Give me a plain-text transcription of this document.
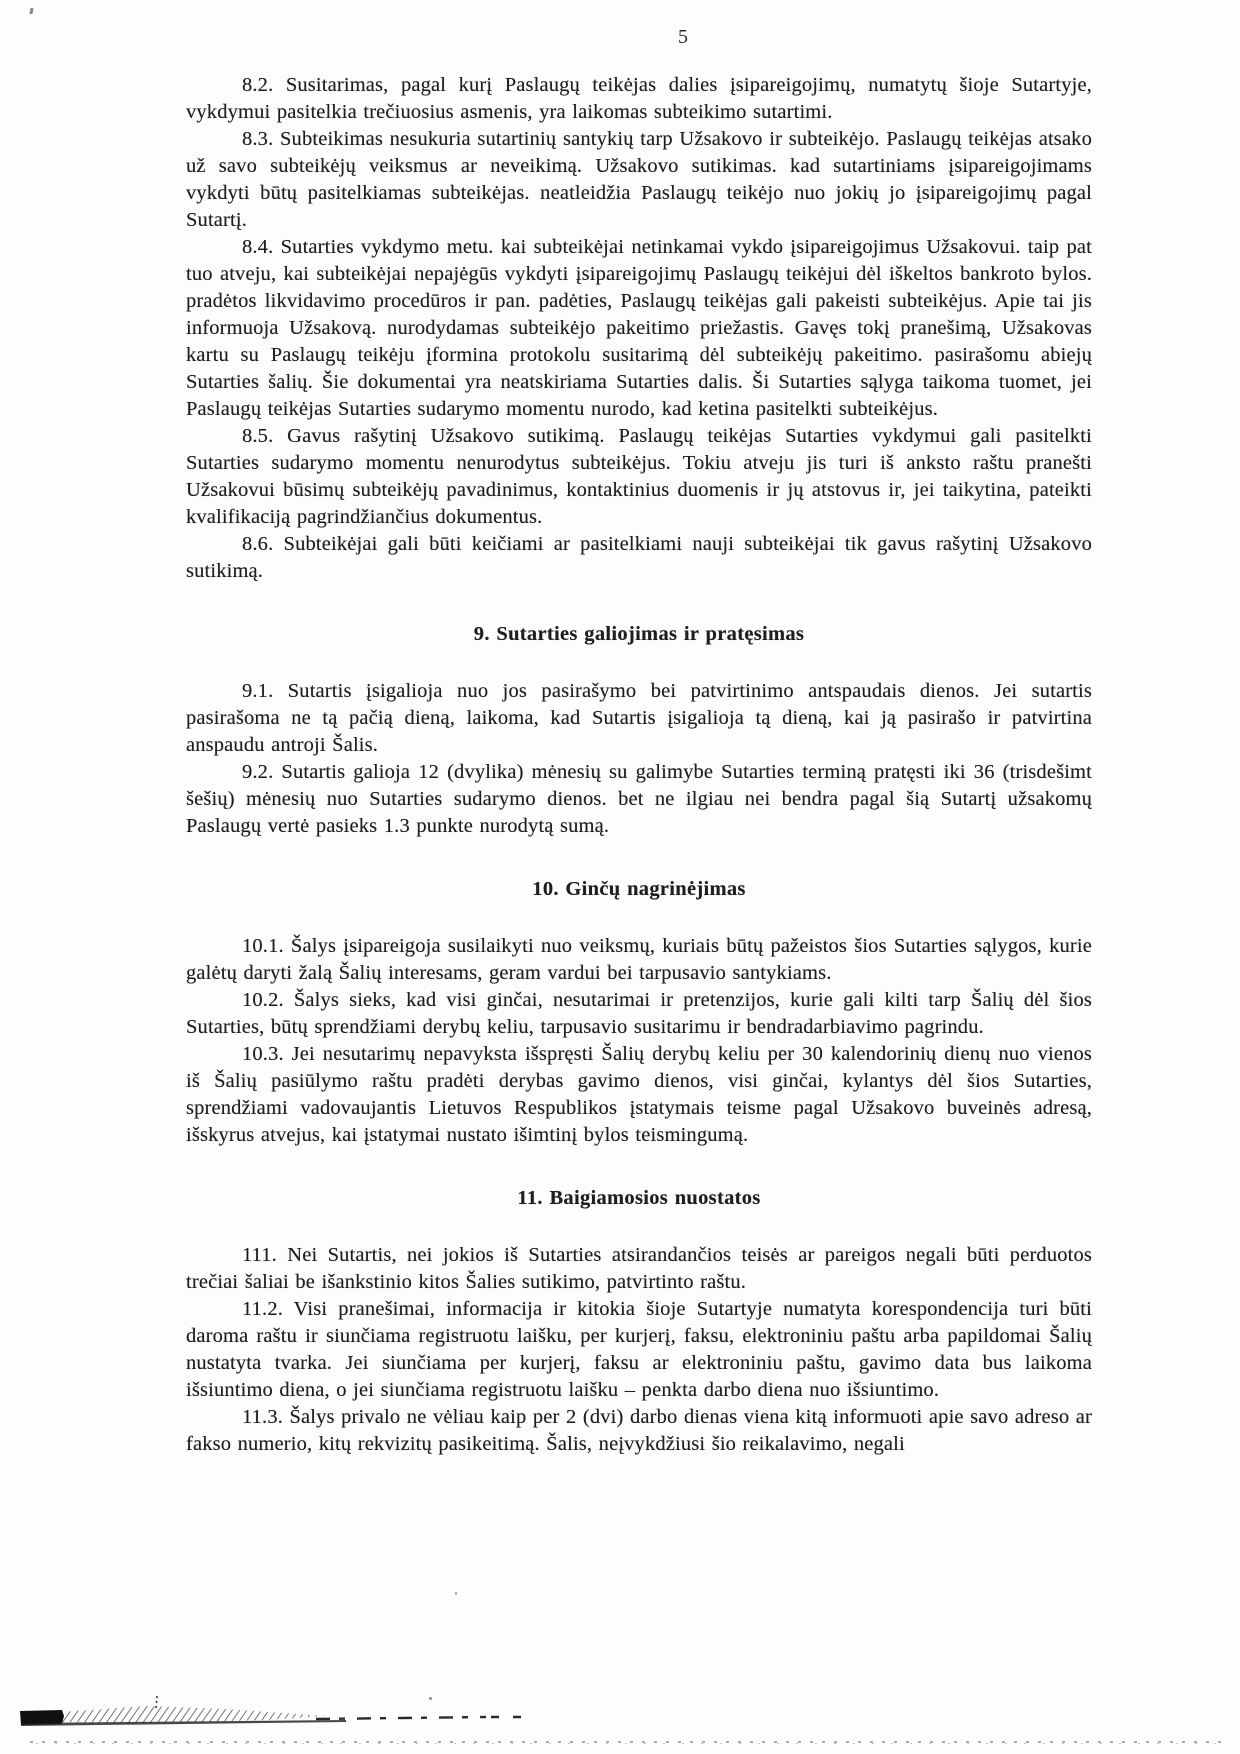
5

8.2. Susitarimas, pagal kurį Paslaugų teikėjas dalies įsipareigojimų, numatytų šioje Sutartyje, vykdymui pasitelkia trečiuosius asmenis, yra laikomas subteikimo sutartimi.

8.3. Subteikimas nesukuria sutartinių santykių tarp Užsakovo ir subteikėjo. Paslaugų teikėjas atsako už savo subteikėjų veiksmus ar neveikimą. Užsakovo sutikimas. kad sutartiniams įsipareigojimams vykdyti būtų pasitelkiamas subteikėjas. neatleidžia Paslaugų teikėjo nuo jokių jo įsipareigojimų pagal Sutartį.

8.4. Sutarties vykdymo metu. kai subteikėjai netinkamai vykdo įsipareigojimus Užsakovui. taip pat tuo atveju, kai subteikėjai nepajėgūs vykdyti įsipareigojimų Paslaugų teikėjui dėl iškeltos bankroto bylos. pradėtos likvidavimo procedūros ir pan. padėties, Paslaugų teikėjas gali pakeisti subteikėjus. Apie tai jis informuoja Užsakovą. nurodydamas subteikėjo pakeitimo priežastis. Gavęs tokį pranešimą, Užsakovas kartu su Paslaugų teikėju įformina protokolu susitarimą dėl subteikėjų pakeitimo. pasirašomu abiejų Sutarties šalių. Šie dokumentai yra neatskiriama Sutarties dalis. Ši Sutarties sąlyga taikoma tuomet, jei Paslaugų teikėjas Sutarties sudarymo momentu nurodo, kad ketina pasitelkti subteikėjus.

8.5. Gavus rašytinį Užsakovo sutikimą. Paslaugų teikėjas Sutarties vykdymui gali pasitelkti Sutarties sudarymo momentu nenurodytus subteikėjus. Tokiu atveju jis turi iš anksto raštu pranešti Užsakovui būsimų subteikėjų pavadinimus, kontaktinius duomenis ir jų atstovus ir, jei taikytina, pateikti kvalifikaciją pagrindžiančius dokumentus.

8.6. Subteikėjai gali būti keičiami ar pasitelkiami nauji subteikėjai tik gavus rašytinį Užsakovo sutikimą.

9. Sutarties galiojimas ir pratęsimas

9.1. Sutartis įsigalioja nuo jos pasirašymo bei patvirtinimo antspaudais dienos. Jei sutartis pasirašoma ne tą pačią dieną, laikoma, kad Sutartis įsigalioja tą dieną, kai ją pasirašo ir patvirtina anspaudu antroji Šalis.

9.2. Sutartis galioja 12 (dvylika) mėnesių su galimybe Sutarties terminą pratęsti iki 36 (trisdešimt šešių) mėnesių nuo Sutarties sudarymo dienos. bet ne ilgiau nei bendra pagal šią Sutartį užsakomų Paslaugų vertė pasieks 1.3 punkte nurodytą sumą.

10. Ginčų nagrinėjimas

10.1. Šalys įsipareigoja susilaikyti nuo veiksmų, kuriais būtų pažeistos šios Sutarties sąlygos, kurie galėtų daryti žalą Šalių interesams, geram vardui bei tarpusavio santykiams.

10.2. Šalys sieks, kad visi ginčai, nesutarimai ir pretenzijos, kurie gali kilti tarp Šalių dėl šios Sutarties, būtų sprendžiami derybų keliu, tarpusavio susitarimu ir bendradarbiavimo pagrindu.

10.3. Jei nesutarimų nepavyksta išspręsti Šalių derybų keliu per 30 kalendorinių dienų nuo vienos iš Šalių pasiūlymo raštu pradėti derybas gavimo dienos, visi ginčai, kylantys dėl šios Sutarties, sprendžiami vadovaujantis Lietuvos Respublikos įstatymais teisme pagal Užsakovo buveinės adresą, išskyrus atvejus, kai įstatymai nustato išimtinį bylos teismingumą.

11. Baigiamosios nuostatos

111. Nei Sutartis, nei jokios iš Sutarties atsirandančios teisės ar pareigos negali būti perduotos trečiai šaliai be išankstinio kitos Šalies sutikimo, patvirtinto raštu.

11.2. Visi pranešimai, informacija ir kitokia šioje Sutartyje numatyta korespondencija turi būti daroma raštu ir siunčiama registruotu laišku, per kurjerį, faksu, elektroniniu paštu arba papildomai Šalių nustatyta tvarka. Jei siunčiama per kurjerį, faksu ar elektroniniu paštu, gavimo data bus laikoma išsiuntimo diena, o jei siunčiama registruotu laišku – penkta darbo diena nuo išsiuntimo.

11.3. Šalys privalo ne vėliau kaip per 2 (dvi) darbo dienas viena kitą informuoti apie savo adreso ar fakso numerio, kitų rekvizitų pasikeitimą. Šalis, neįvykdžiusi šio reikalavimo, negali
